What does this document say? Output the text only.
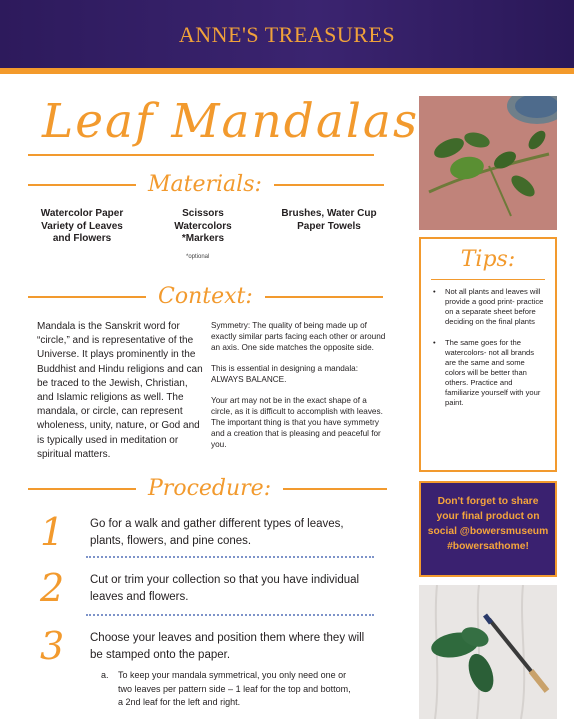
ANNE'S TREASURES
Leaf Mandalas
Materials:
Watercolor Paper
Variety of Leaves
and Flowers
Scissors
Watercolors
*Markers
Brushes, Water Cup
Paper Towels
*optional
Context:
Mandala is the Sanskrit word for “circle,” and is representative of the Universe. It plays prominently in the Buddhist and Hindu religions and can be traced to the Jewish, Christian, and Islamic religions as well. The mandala, or circle, can represent wholeness, unity, nature, or God and is typically used in meditation or spiritual matters.

Symmetry: The quality of being made up of exactly similar parts facing each other or around an axis. One side matches the opposite side.

This is essential in designing a mandala: ALWAYS BALANCE.

Your art may not be in the exact shape of a circle, as it is difficult to accomplish with leaves. The important thing is that you have symmetry and a creation that is pleasing and peaceful for you.

Procedure:
1	Go for a walk and gather different types of leaves, plants, flowers, and pine cones.
2	Cut or trim your collection so that you have individual leaves and flowers.
3	Choose your leaves and position them where they will be stamped onto the paper.
a.	To keep your mandala symmetrical, you only need one or two leaves per pattern side – 1 leaf for the top and bottom, a 2nd leaf for the left and right.
Tips:
• Not all plants and leaves will provide a good print- practice on a separate sheet before deciding on the final plants
• The same goes for the watercolors- not all brands are the same and some colors will be better than others. Practice and familiarize yourself with your paint.
Don't forget to share your final product on social @bowersmuseum #bowersathome!
